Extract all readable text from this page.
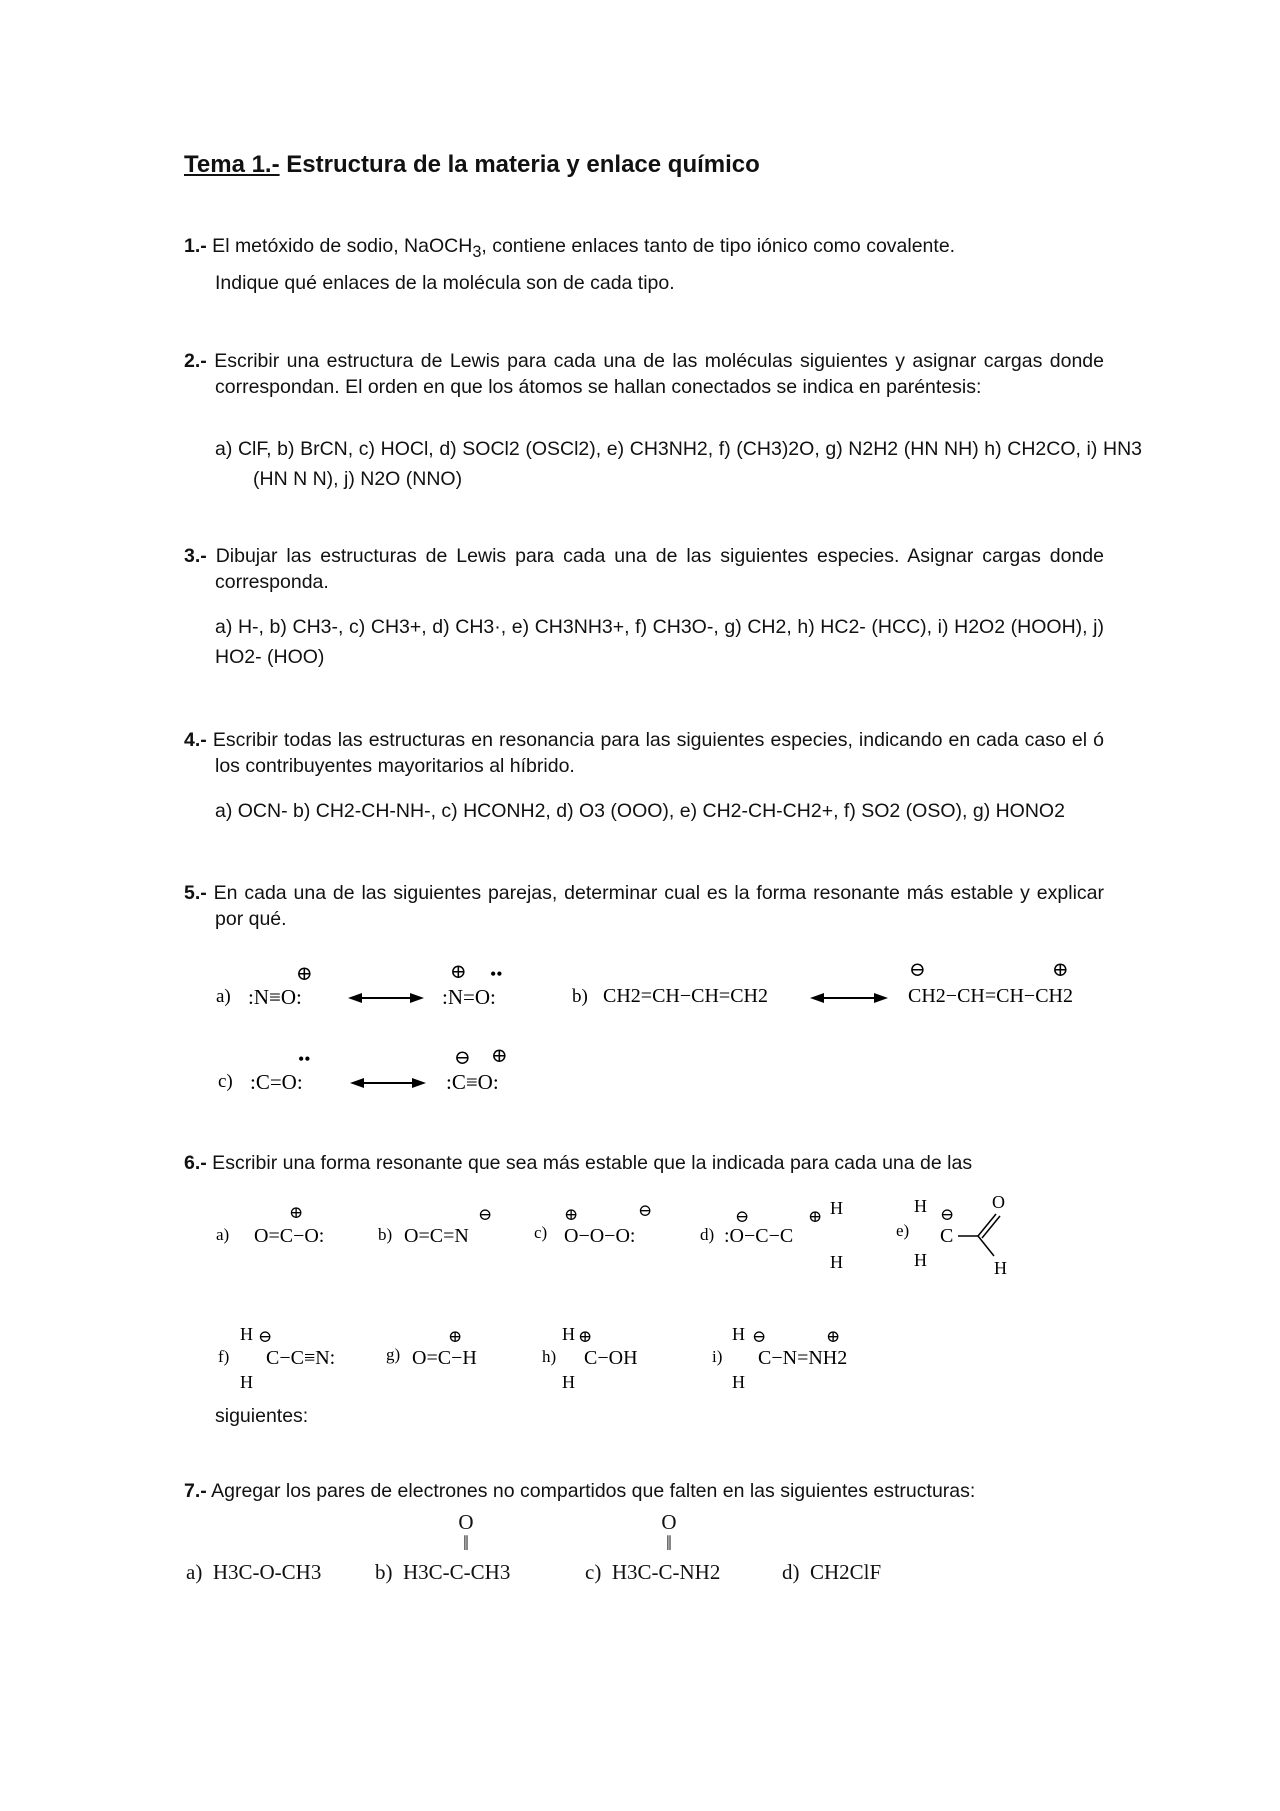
Tema 1.- Estructura de la materia y enlace químico
1.- El metóxido de sodio, NaOCH$_3$, contiene enlaces tanto de tipo iónico como covalente.
Indique qué enlaces de la molécula son de cada tipo.
2.- Escribir una estructura de Lewis para cada una de las moléculas siguientes y asignar cargas donde correspondan. El orden en que los átomos se hallan conectados se indica en paréntesis:
a) ClF, b) BrCN, c) HOCl, d) SOCl2 (OSCl2), e) CH3NH2, f) (CH3)2O, g) N2H2 (HN NH) h) CH2CO, i) HN3 (HN N N), j) N2O (NNO)
3.- Dibujar las estructuras de Lewis para cada una de las siguientes especies. Asignar cargas donde corresponda.
a) H-, b) CH3-, c) CH3+, d) CH3·, e) CH3NH3+, f) CH3O-, g) CH2, h) HC2- (HCC), i) H2O2 (HOOH), j) HO2- (HOO)
4.- Escribir todas las estructuras en resonancia para las siguientes especies, indicando en cada caso el ó los contribuyentes mayoritarios al híbrido.
a) OCN- b) CH2-CH-NH-, c) HCONH2, d) O3 (OOO), e) CH2-CH-CH2+, f) SO2 (OSO), g) HONO2
5.- En cada una de las siguientes parejas, determinar cual es la forma resonante más estable y explicar por qué.
a) :N≡O:
⊕
:N=O:
⊕ ••
b) CH2=CH−CH=CH2	CH2−CH=CH−CH2
⊖	⊕
c) :C=O:
••
:C≡O:
⊖ ⊕
6.- Escribir una forma resonante que sea más estable que la indicada para cada una de las
a) O=C−O:
⊕
b) O=C=N
⊖
c) O−O−O:
⊕	⊖
d) :O−C−C
⊖	⊕ H
H
e)
H ⊖
C
H
O
H
f)
H ⊖
C−C≡N:
H
g) O=C−H
⊕
h)
H ⊕
C−OH
H
i)
H ⊖
C−N=NH2
⊕
H
siguientes:
7.- Agregar los pares de electrones no compartidos que falten en las siguientes estructuras:
O
‖
O
‖
a) H3C-O-CH3	b) H3C-C-CH3	c) H3C-C-NH2	d) CH2ClF
